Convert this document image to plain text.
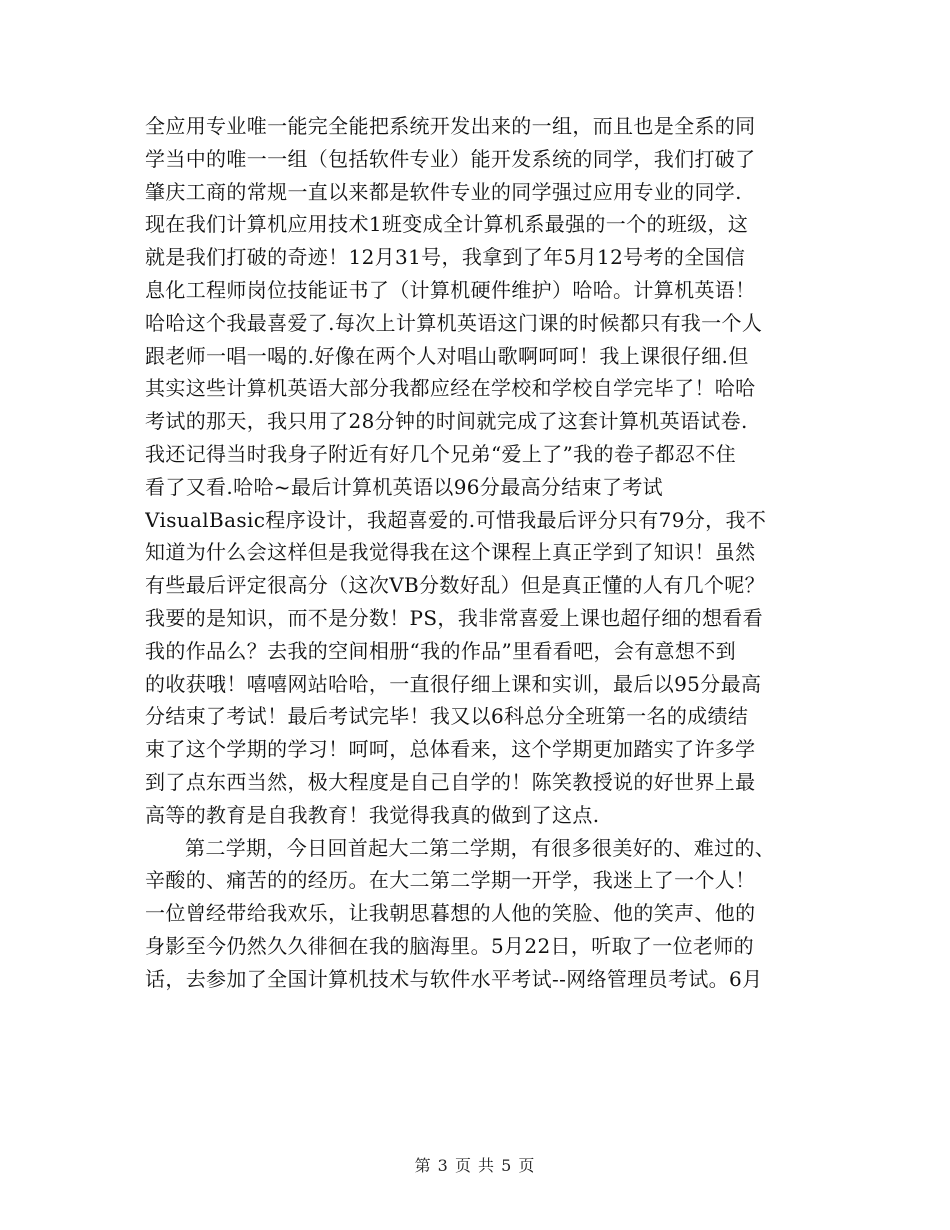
全应用专业唯一能完全能把系统开发出来的一组，而且也是全系的同
学当中的唯一一组（包括软件专业）能开发系统的同学，我们打破了
肇庆工商的常规一直以来都是软件专业的同学强过应用专业的同学.
现在我们计算机应用技术1班变成全计算机系最强的一个的班级，这
就是我们打破的奇迹！12月31号，我拿到了年5月12号考的全国信
息化工程师岗位技能证书了（计算机硬件维护）哈哈。计算机英语！
哈哈这个我最喜爱了.每次上计算机英语这门课的时候都只有我一个人
跟老师一唱一喝的.好像在两个人对唱山歌啊呵呵！我上课很仔细.但
其实这些计算机英语大部分我都应经在学校和学校自学完毕了！哈哈
考试的那天，我只用了28分钟的时间就完成了这套计算机英语试卷.
我还记得当时我身子附近有好几个兄弟“爱上了”我的卷子都忍不住
看了又看.哈哈~最后计算机英语以96分最高分结束了考试
VisualBasic程序设计，我超喜爱的.可惜我最后评分只有79分，我不
知道为什么会这样但是我觉得我在这个课程上真正学到了知识！虽然
有些最后评定很高分（这次VB分数好乱）但是真正懂的人有几个呢？
我要的是知识，而不是分数！PS，我非常喜爱上课也超仔细的想看看
我的作品么？去我的空间相册“我的作品”里看看吧，会有意想不到
的收获哦！嘻嘻网站哈哈，一直很仔细上课和实训，最后以95分最高
分结束了考试！最后考试完毕！我又以6科总分全班第一名的成绩结
束了这个学期的学习！呵呵，总体看来，这个学期更加踏实了许多学
到了点东西当然，极大程度是自己自学的！陈笑教授说的好世界上最
高等的教育是自我教育！我觉得我真的做到了这点.
第二学期，今日回首起大二第二学期，有很多很美好的、难过的、
辛酸的、痛苦的的经历。在大二第二学期一开学，我迷上了一个人！
一位曾经带给我欢乐，让我朝思暮想的人他的笑脸、他的笑声、他的
身影至今仍然久久徘徊在我的脑海里。5月22日，听取了一位老师的
话，去参加了全国计算机技术与软件水平考试--网络管理员考试。6月
第 3 页 共 5 页
